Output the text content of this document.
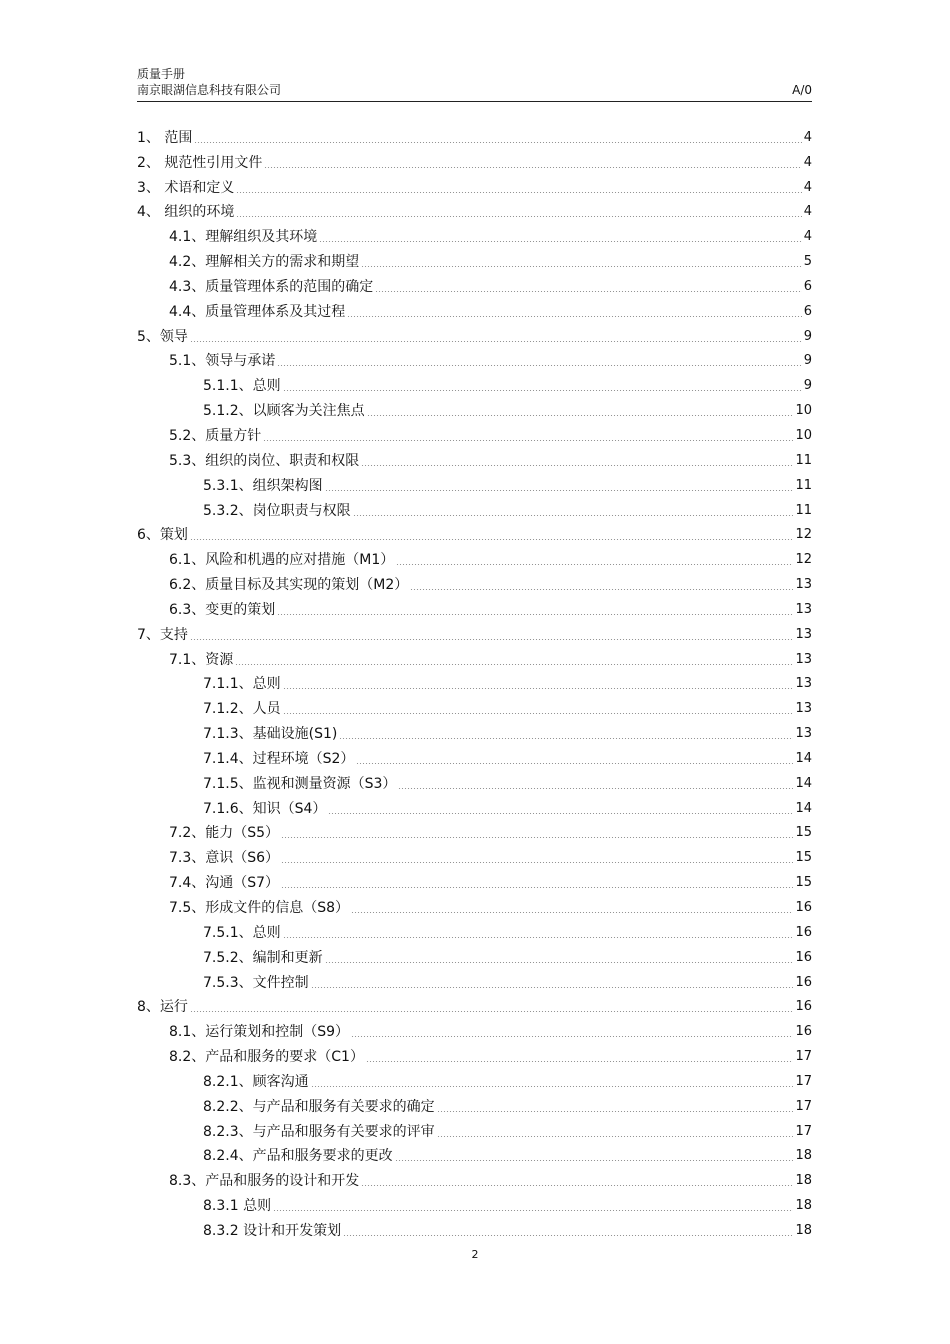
质量手册
南京眼湖信息科技有限公司	A/0
1、 范围	4
2、 规范性引用文件	4
3、 术语和定义	4
4、 组织的环境	4
4.1、理解组织及其环境	4
4.2、理解相关方的需求和期望	5
4.3、质量管理体系的范围的确定	6
4.4、质量管理体系及其过程	6
5、领导	9
5.1、领导与承诺	9
5.1.1、总则	9
5.1.2、以顾客为关注焦点	10
5.2、质量方针	10
5.3、组织的岗位、职责和权限	11
5.3.1、组织架构图	11
5.3.2、岗位职责与权限	11
6、策划	12
6.1、风险和机遇的应对措施（M1）	12
6.2、质量目标及其实现的策划（M2）	13
6.3、变更的策划	13
7、支持	13
7.1、资源	13
7.1.1、总则	13
7.1.2、人员	13
7.1.3、基础设施(S1)	13
7.1.4、过程环境（S2）	14
7.1.5、监视和测量资源（S3）	14
7.1.6、知识（S4）	14
7.2、能力（S5）	15
7.3、意识（S6）	15
7.4、沟通（S7）	15
7.5、形成文件的信息（S8）	16
7.5.1、总则	16
7.5.2、编制和更新	16
7.5.3、文件控制	16
8、运行	16
8.1、运行策划和控制（S9）	16
8.2、产品和服务的要求（C1）	17
8.2.1、顾客沟通	17
8.2.2、与产品和服务有关要求的确定	17
8.2.3、与产品和服务有关要求的评审	17
8.2.4、产品和服务要求的更改	18
8.3、产品和服务的设计和开发	18
8.3.1 总则	18
8.3.2 设计和开发策划	18
2
